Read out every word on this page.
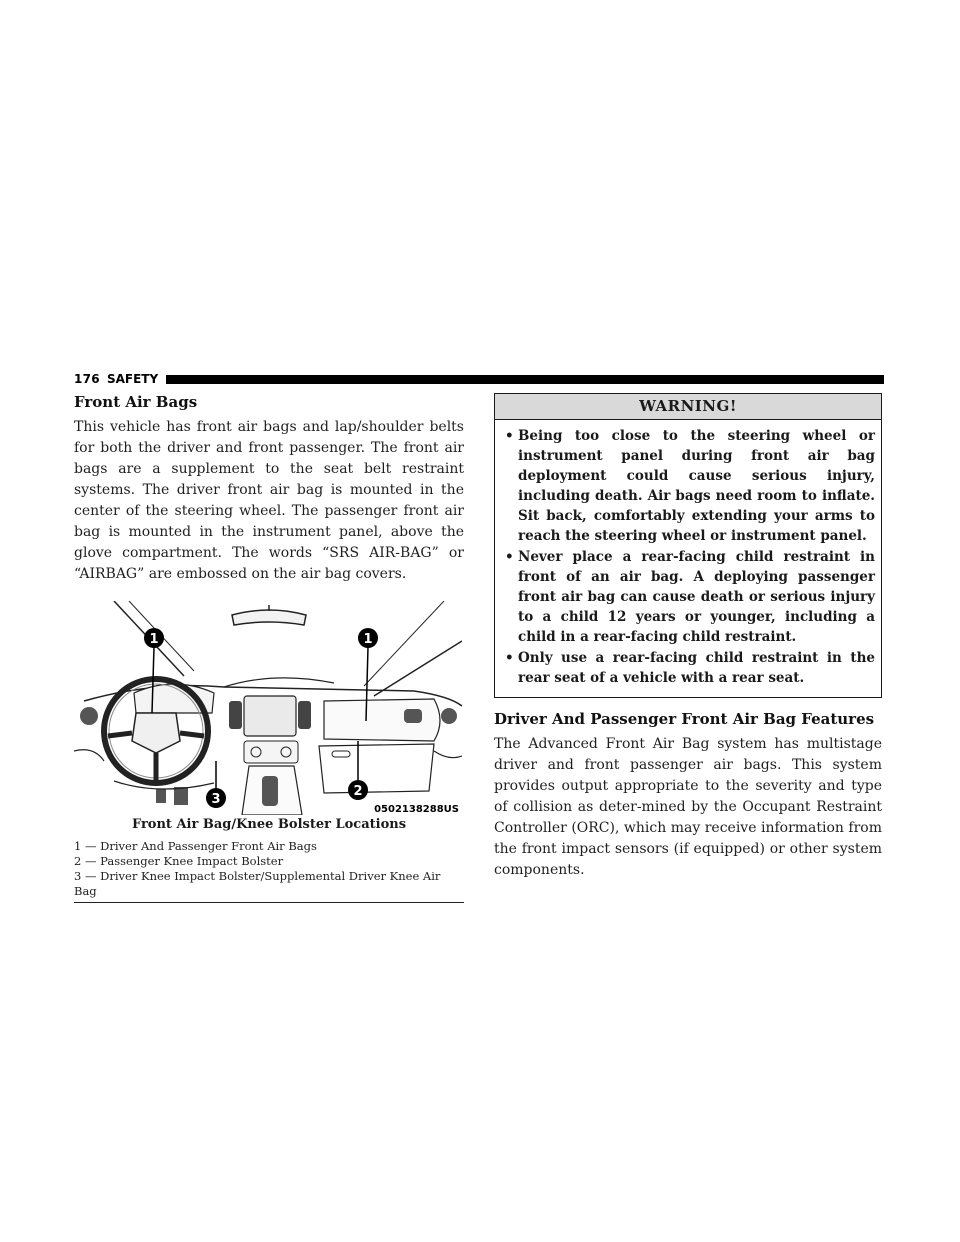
176 SAFETY
Front Air Bags

This vehicle has front air bags and lap/shoulder belts for both the driver and front passenger. The front air bags are a supplement to the seat belt restraint systems. The driver front air bag is mounted in the center of the steering wheel. The passenger front air bag is mounted in the instrument panel, above the glove compartment. The words “SRS AIR-BAG” or “AIRBAG” are embossed on the air bag covers.

1	1
2
3
0502138288US
Front Air Bag/Knee Bolster Locations
1 — Driver And Passenger Front Air Bags
2 — Passenger Knee Impact Bolster
3 — Driver Knee Impact Bolster/Supplemental Driver Knee Air Bag
WARNING!
• Being too close to the steering wheel or instrument panel during front air bag deployment could cause serious injury, including death. Air bags need room to inflate. Sit back, comfortably extending your arms to reach the steering wheel or instrument panel.
• Never place a rear-facing child restraint in front of an air bag. A deploying passenger front air bag can cause death or serious injury to a child 12 years or younger, including a child in a rear-facing child restraint.
• Only use a rear-facing child restraint in the rear seat of a vehicle with a rear seat.
Driver And Passenger Front Air Bag Features

The Advanced Front Air Bag system has multistage driver and front passenger air bags. This system provides output appropriate to the severity and type of collision as deter-mined by the Occupant Restraint Controller (ORC), which may receive information from the front impact sensors (if equipped) or other system components.
